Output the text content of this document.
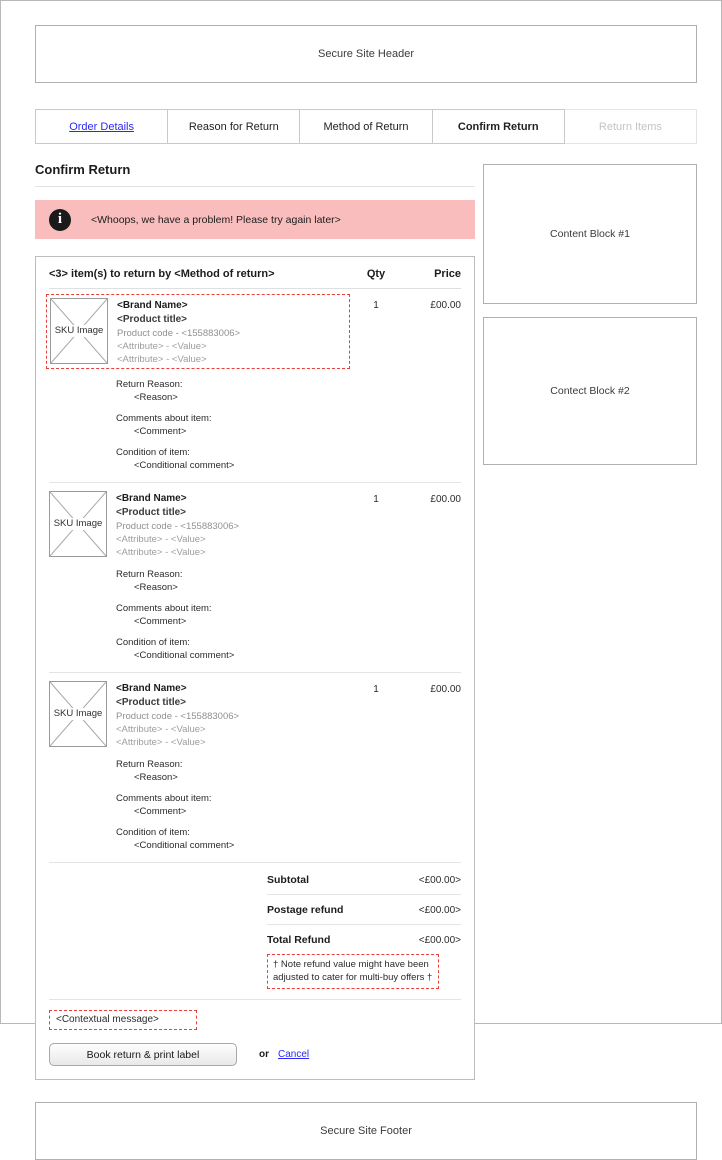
Secure Site Header
Order Details	Reason for Return	Method of Return	Confirm Return	Return Items
Confirm Return
i	<Whoops, we have a problem! Please try again later>
<3> item(s) to return by <Method of return>	Qty	Price
SKU Image
<Brand Name>
<Product title>
Product code - <155883006>
<Attribute> - <Value>
<Attribute> - <Value>
Return Reason:
<Reason>
Comments about item:
<Comment>
Condition of item:
<Conditional comment>
1	£00.00
SKU Image
<Brand Name>
<Product title>
Product code - <155883006>
<Attribute> - <Value>
<Attribute> - <Value>
Return Reason:
<Reason>
Comments about item:
<Comment>
Condition of item:
<Conditional comment>
1	£00.00
SKU Image
<Brand Name>
<Product title>
Product code - <155883006>
<Attribute> - <Value>
<Attribute> - <Value>
Return Reason:
<Reason>
Comments about item:
<Comment>
Condition of item:
<Conditional comment>
1	£00.00
Subtotal	<£00.00>
Postage refund	<£00.00>
Total Refund	<£00.00>
† Note refund value might have been adjusted to cater for multi-buy offers †
<Contextual message>
Book return & print label	or Cancel
Content Block #1
Contect Block #2
Secure Site Footer
